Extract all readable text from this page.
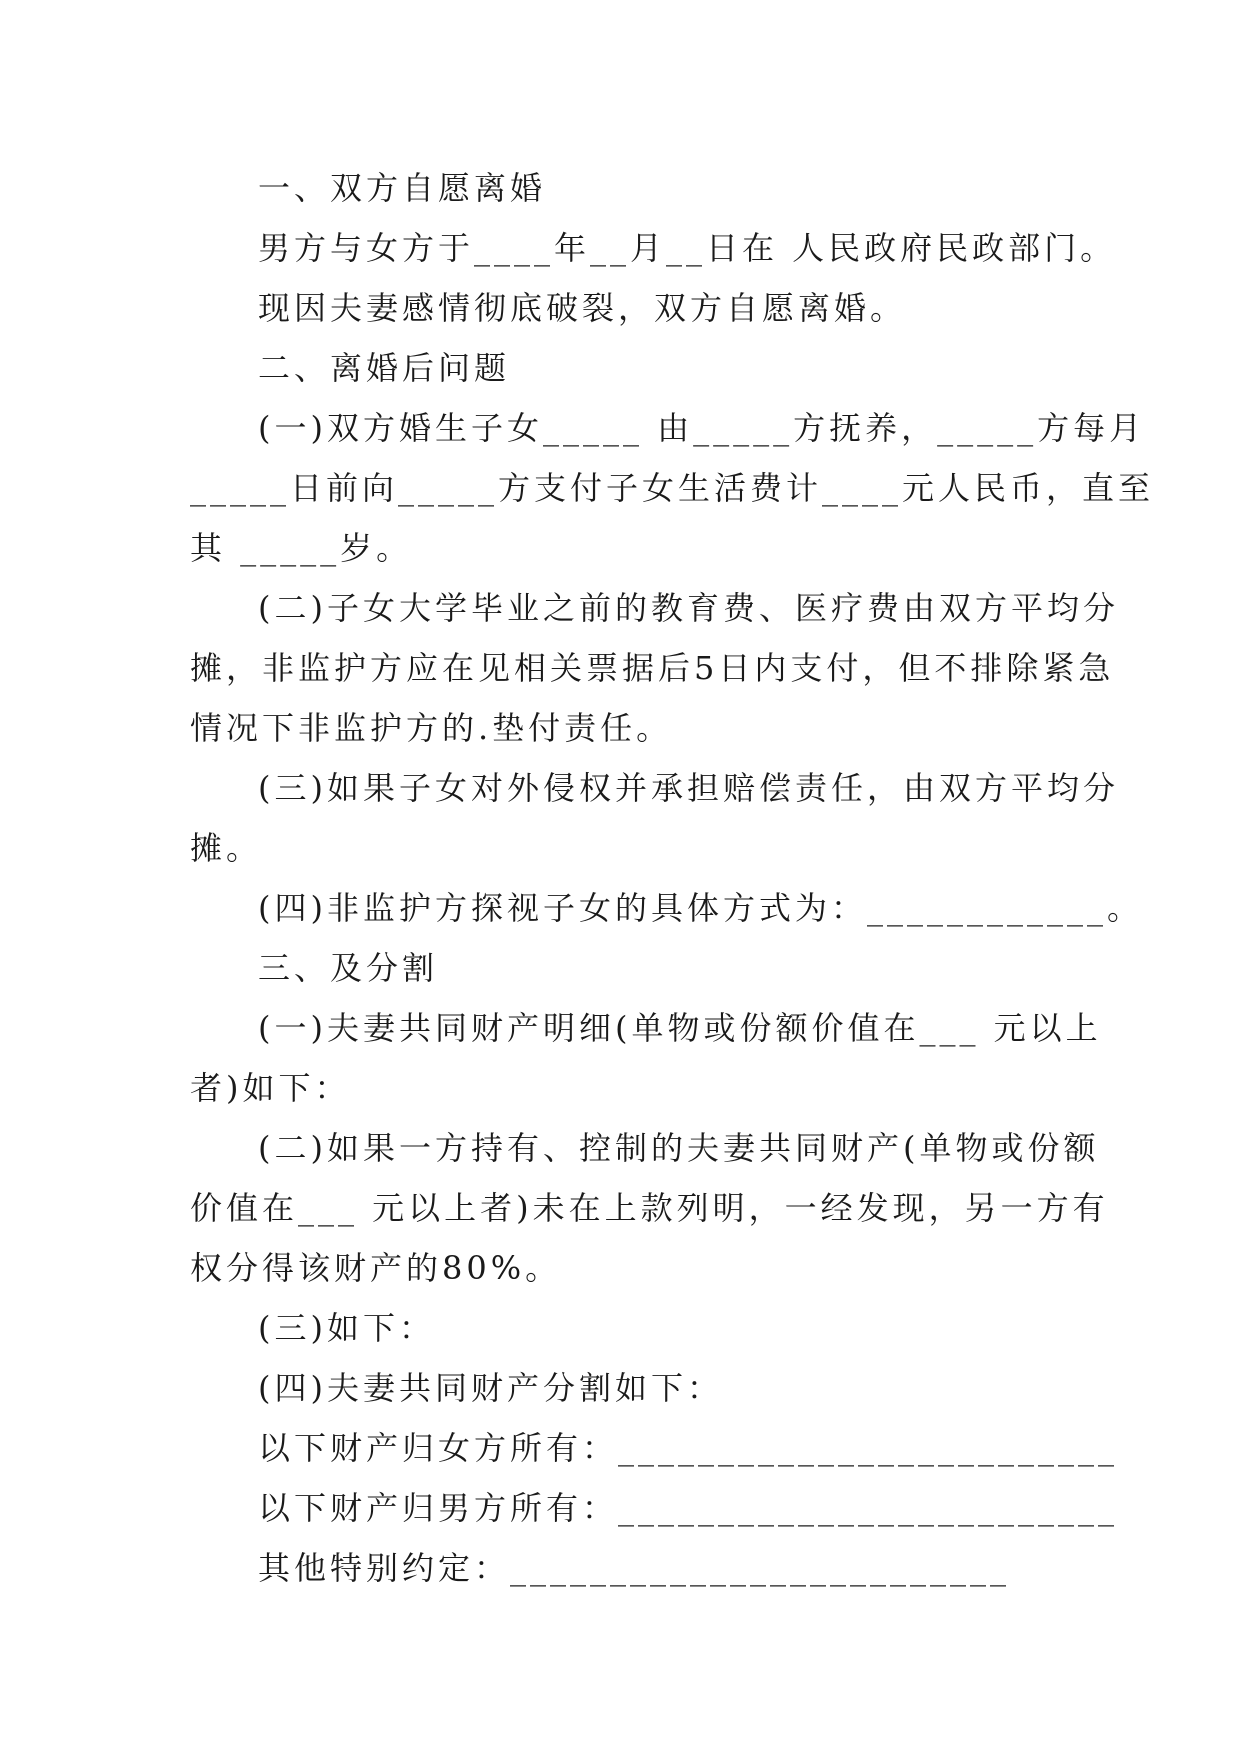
一、双方自愿离婚
男方与女方于____年__月__日在 人民政府民政部门。
现因夫妻感情彻底破裂，双方自愿离婚。
二、离婚后问题
(一)双方婚生子女_____ 由_____方抚养，_____方每月
_____日前向_____方支付子女生活费计____元人民币，直至
其 _____岁。
(二)子女大学毕业之前的教育费、医疗费由双方平均分
摊，非监护方应在见相关票据后5日内支付，但不排除紧急
情况下非监护方的.垫付责任。
(三)如果子女对外侵权并承担赔偿责任，由双方平均分
摊。
(四)非监护方探视子女的具体方式为：____________。
三、及分割
(一)夫妻共同财产明细(单物或份额价值在___ 元以上
者)如下：
(二)如果一方持有、控制的夫妻共同财产(单物或份额
价值在___ 元以上者)未在上款列明，一经发现，另一方有
权分得该财产的80%。
(三)如下：
(四)夫妻共同财产分割如下：
以下财产归女方所有：_________________________
以下财产归男方所有：_________________________
其他特别约定：_________________________
